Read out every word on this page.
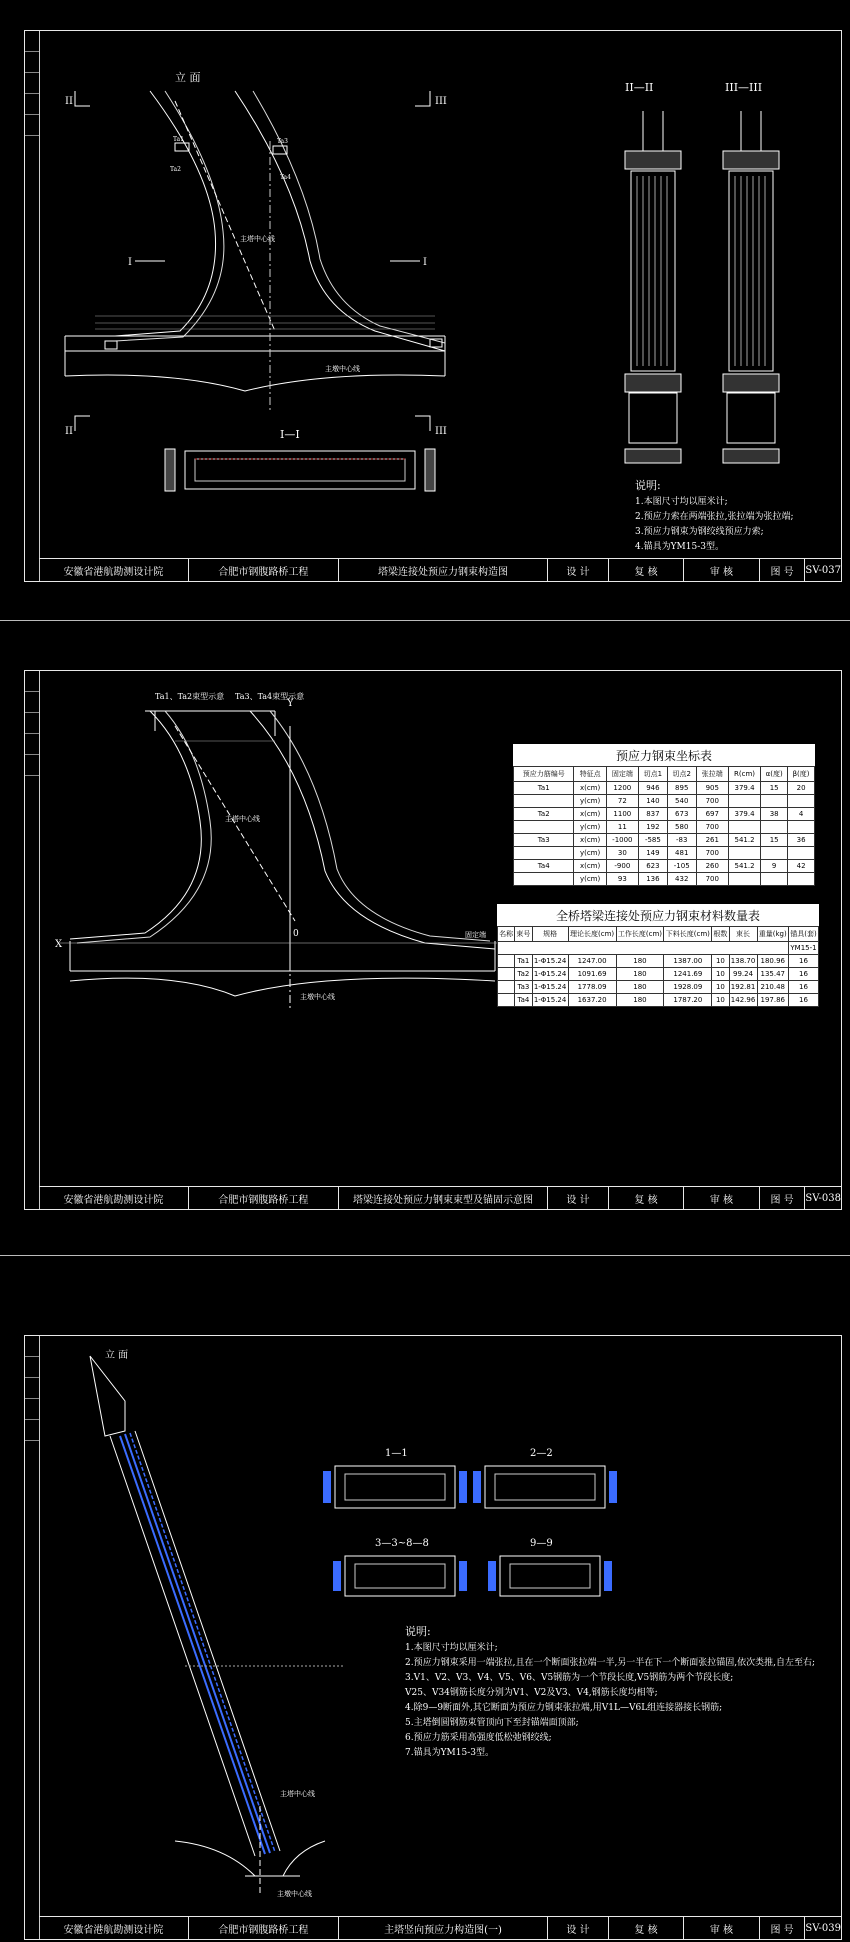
立 面
II	III
II	III
I	I
Ta1
Ta2
Ta3
Ta4
主塔中心线
主墩中心线
I—I
II—II	III—III
说明:
1.本图尺寸均以厘米计;
2.预应力索在两端张拉,张拉端为张拉端;
3.预应力钢束为钢绞线预应力索;
4.锚具为YM15-3型。
安徽省港航勘测设计院	合肥市钢腹路桥工程	塔梁连接处预应力钢束构造图	设 计	复 核	审 核	图 号	SV-037
Ta1、Ta2束型示意 Ta3、Ta4束型示意
Y
X
0
主塔中心线
主墩中心线
固定端
预应力钢束坐标表
预应力筋编号	特征点	固定端	切点1	切点2	张拉端	R(cm)	α(度)	β(度)
Ta1	x(cm)	1200	946	895	905	379.4	15	20
	y(cm)	72	140	540	700			
Ta2	x(cm)	1100	837	673	697	379.4	38	4
	y(cm)	11	192	580	700			
Ta3	x(cm)	-1000	-585	-83	261	541.2	15	36
	y(cm)	30	149	481	700			
Ta4	x(cm)	-900	623	-105	260	541.2	9	42
	y(cm)	93	136	432	700			
全桥塔梁连接处预应力钢束材料数量表
名称	束号	规格	理论长度(cm)	工作长度(cm)	下料长度(cm)	根数	束长	重量(kg)	锚具(套)
									YM15-1
	Ta1	1-Φ15.24	1247.00	180	1387.00	10	138.70	180.96	16
	Ta2	1-Φ15.24	1091.69	180	1241.69	10	99.24	135.47	16
	Ta3	1-Φ15.24	1778.09	180	1928.09	10	192.81	210.48	16
	Ta4	1-Φ15.24	1637.20	180	1787.20	10	142.96	197.86	16
安徽省港航勘测设计院	合肥市钢腹路桥工程	塔梁连接处预应力钢束束型及锚固示意图	设 计	复 核	审 核	图 号	SV-038
立 面
主塔中心线
主墩中心线
1—1	2—2
3—3~8—8	9—9
说明:
1.本图尺寸均以厘米计;
2.预应力钢束采用一端张拉,且在一个断面张拉端一半,另一半在下一个断面张拉锚固,依次类推,自左至右;
3.V1、V2、V3、V4、V5、V6、V5钢筋为一个节段长度,V5钢筋为两个节段长度;
V25、V34钢筋长度分别为V1、V2及V3、V4,钢筋长度均相等;
4.除9—9断面外,其它断面为预应力钢束张拉端,用V1L—V6L组连接器接长钢筋;
5.主塔倒圆钢筋束管顶向下至封锚端面顶部;
6.预应力筋采用高强度低松弛钢绞线;
7.锚具为YM15-3型。
安徽省港航勘测设计院	合肥市钢腹路桥工程	主塔竖向预应力构造图(一)	设 计	复 核	审 核	图 号	SV-039
